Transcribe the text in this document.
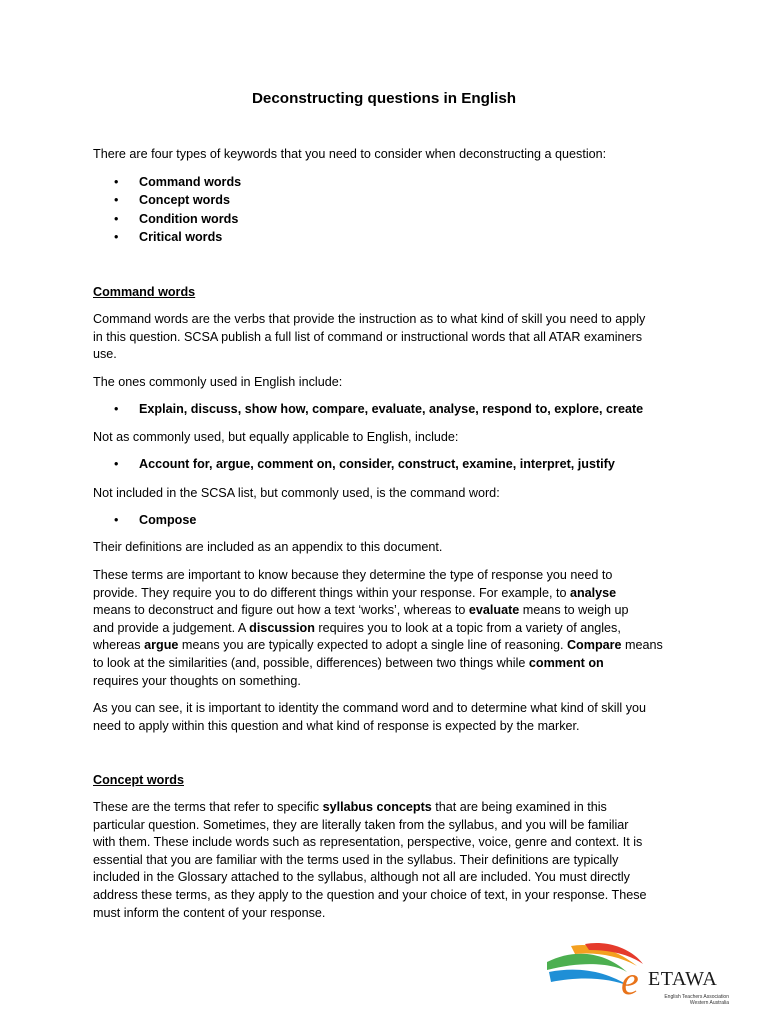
Deconstructing questions in English

There are four types of keywords that you need to consider when deconstructing a question:

• Command words
• Concept words
• Condition words
• Critical words
Command words

Command words are the verbs that provide the instruction as to what kind of skill you need to apply
in this question. SCSA publish a full list of command or instructional words that all ATAR examiners
use.

The ones commonly used in English include:

• Explain, discuss, show how, compare, evaluate, analyse, respond to, explore, create

Not as commonly used, but equally applicable to English, include:

• Account for, argue, comment on, consider, construct, examine, interpret, justify

Not included in the SCSA list, but commonly used, is the command word:

• Compose

Their definitions are included as an appendix to this document.

These terms are important to know because they determine the type of response you need to
provide. They require you to do different things within your response. For example, to analyse
means to deconstruct and figure out how a text ‘works’, whereas to evaluate means to weigh up
and provide a judgement. A discussion requires you to look at a topic from a variety of angles,
whereas argue means you are typically expected to adopt a single line of reasoning. Compare means
to look at the similarities (and, possible, differences) between two things while comment on
requires your thoughts on something.

As you can see, it is important to identity the command word and to determine what kind of skill you
need to apply within this question and what kind of response is expected by the marker.

Concept words

These are the terms that refer to specific syllabus concepts that are being examined in this
particular question. Sometimes, they are literally taken from the syllabus, and you will be familiar
with them. These include words such as representation, perspective, voice, genre and context. It is
essential that you are familiar with the terms used in the syllabus. Their definitions are typically
included in the Glossary attached to the syllabus, although not all are included. You must directly
address these terms, as they apply to the question and your choice of text, in your response. These
must inform the content of your response.

e ETAWA
English Teachers Association
Western Australia
